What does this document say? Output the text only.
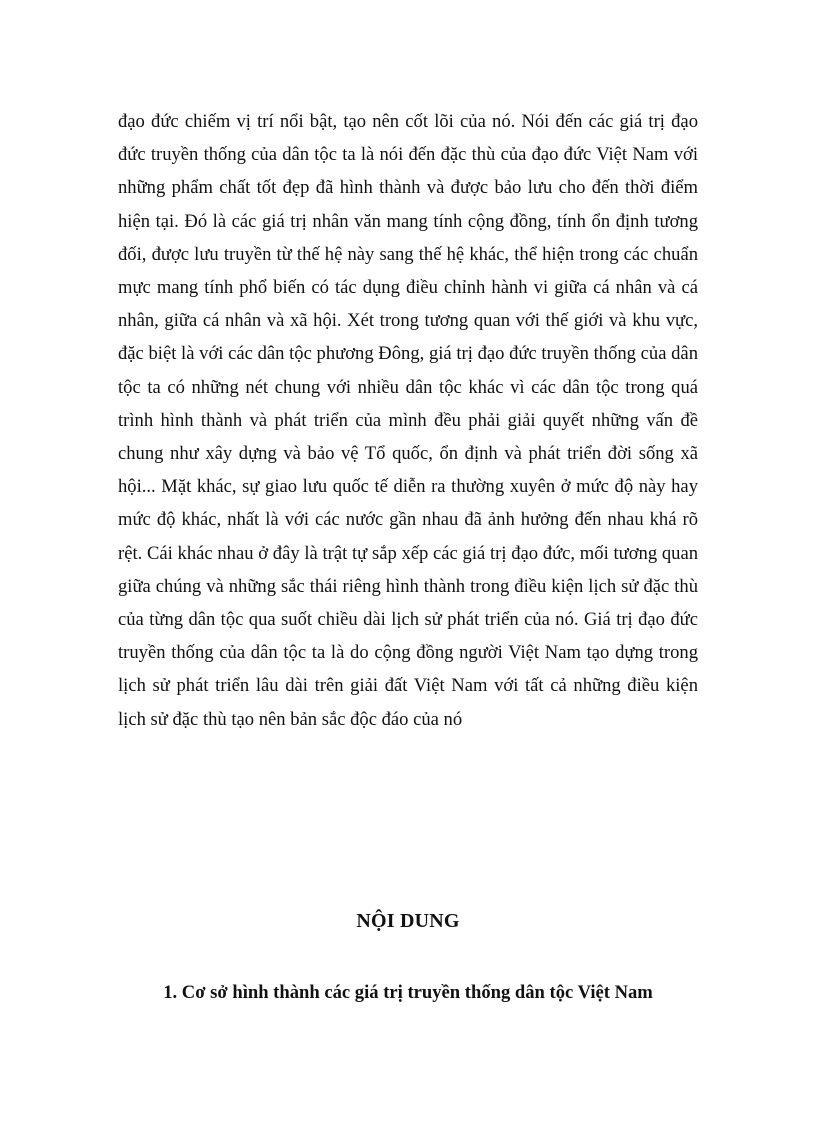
đạo đức chiếm vị trí nổi bật, tạo nên cốt lõi của nó. Nói đến các giá trị đạo đức truyền thống của dân tộc ta là nói đến đặc thù của đạo đức Việt Nam với những phẩm chất tốt đẹp đã hình thành và được bảo lưu cho đến thời điểm hiện tại. Đó là các giá trị nhân văn mang tính cộng đồng, tính ổn định tương đối, được lưu truyền từ thế hệ này sang thế hệ khác, thể hiện trong các chuẩn mực mang tính phổ biến có tác dụng điều chỉnh hành vi giữa cá nhân và cá nhân, giữa cá nhân và xã hội. Xét trong tương quan với thế giới và khu vực, đặc biệt là với các dân tộc phương Đông, giá trị đạo đức truyền thống của dân tộc ta có những nét chung với nhiều dân tộc khác vì các dân tộc trong quá trình hình thành và phát triển của mình đều phải giải quyết những vấn đề chung như xây dựng và bảo vệ Tổ quốc, ổn định và phát triển đời sống xã hội... Mặt khác, sự giao lưu quốc tế diễn ra thường xuyên ở mức độ này hay mức độ khác, nhất là với các nước gần nhau đã ảnh hưởng đến nhau khá rõ rệt. Cái khác nhau ở đây là trật tự sắp xếp các giá trị đạo đức, mối tương quan giữa chúng và những sắc thái riêng hình thành trong điều kiện lịch sử đặc thù của từng dân tộc qua suốt chiều dài lịch sử phát triển của nó. Giá trị đạo đức truyền thống của dân tộc ta là do cộng đồng người Việt Nam tạo dựng trong lịch sử phát triển lâu dài trên giải đất Việt Nam với tất cả những điều kiện lịch sử đặc thù tạo nên bản sắc độc đáo của nó

NỘI DUNG
1. Cơ sở hình thành các giá trị truyền thống dân tộc Việt Nam
